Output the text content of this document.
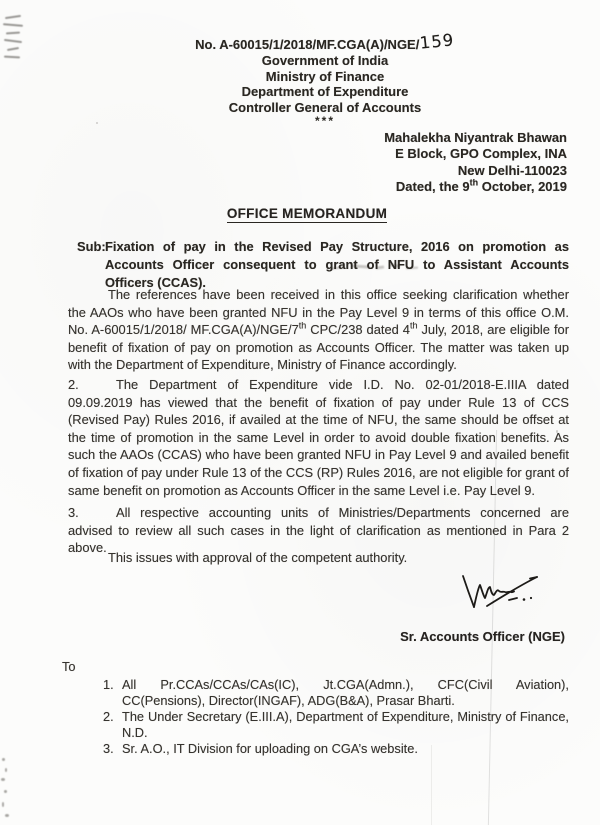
No. A-60015/1/2018/MF.CGA(A)/NGE/159
Government of India
Ministry of Finance
Department of Expenditure
Controller General of Accounts
***
Mahalekha Niyantrak Bhawan
E Block, GPO Complex, INA
New Delhi-110023
Dated, the 9th October, 2019
OFFICE MEMORANDUM
Sub: Fixation of pay in the Revised Pay Structure, 2016 on promotion as Accounts Officer consequent to grant of NFU to Assistant Accounts Officers (CCAS).
The references have been received in this office seeking clarification whether the AAOs who have been granted NFU in the Pay Level 9 in terms of this office O.M. No. A-60015/1/2018/ MF.CGA(A)/NGE/7th CPC/238 dated 4th July, 2018, are eligible for benefit of fixation of pay on promotion as Accounts Officer. The matter was taken up with the Department of Expenditure, Ministry of Finance accordingly.
2.	The Department of Expenditure vide I.D. No. 02-01/2018-E.IIIA dated 09.09.2019 has viewed that the benefit of fixation of pay under Rule 13 of CCS (Revised Pay) Rules 2016, if availed at the time of NFU, the same should be offset at the time of promotion in the same Level in order to avoid double fixation benefits. As such the AAOs (CCAS) who have been granted NFU in Pay Level 9 and availed benefit of fixation of pay under Rule 13 of the CCS (RP) Rules 2016, are not eligible for grant of same benefit on promotion as Accounts Officer in the same Level i.e. Pay Level 9.
3.	All respective accounting units of Ministries/Departments concerned are advised to review all such cases in the light of clarification as mentioned in Para 2 above.
This issues with approval of the competent authority.
Sr. Accounts Officer (NGE)
To
1. All Pr.CCAs/CCAs/CAs(IC), Jt.CGA(Admn.), CFC(Civil Aviation), CC(Pensions), Director(INGAF), ADG(B&A), Prasar Bharti.
2. The Under Secretary (E.III.A), Department of Expenditure, Ministry of Finance, N.D.
3. Sr. A.O., IT Division for uploading on CGA’s website.
